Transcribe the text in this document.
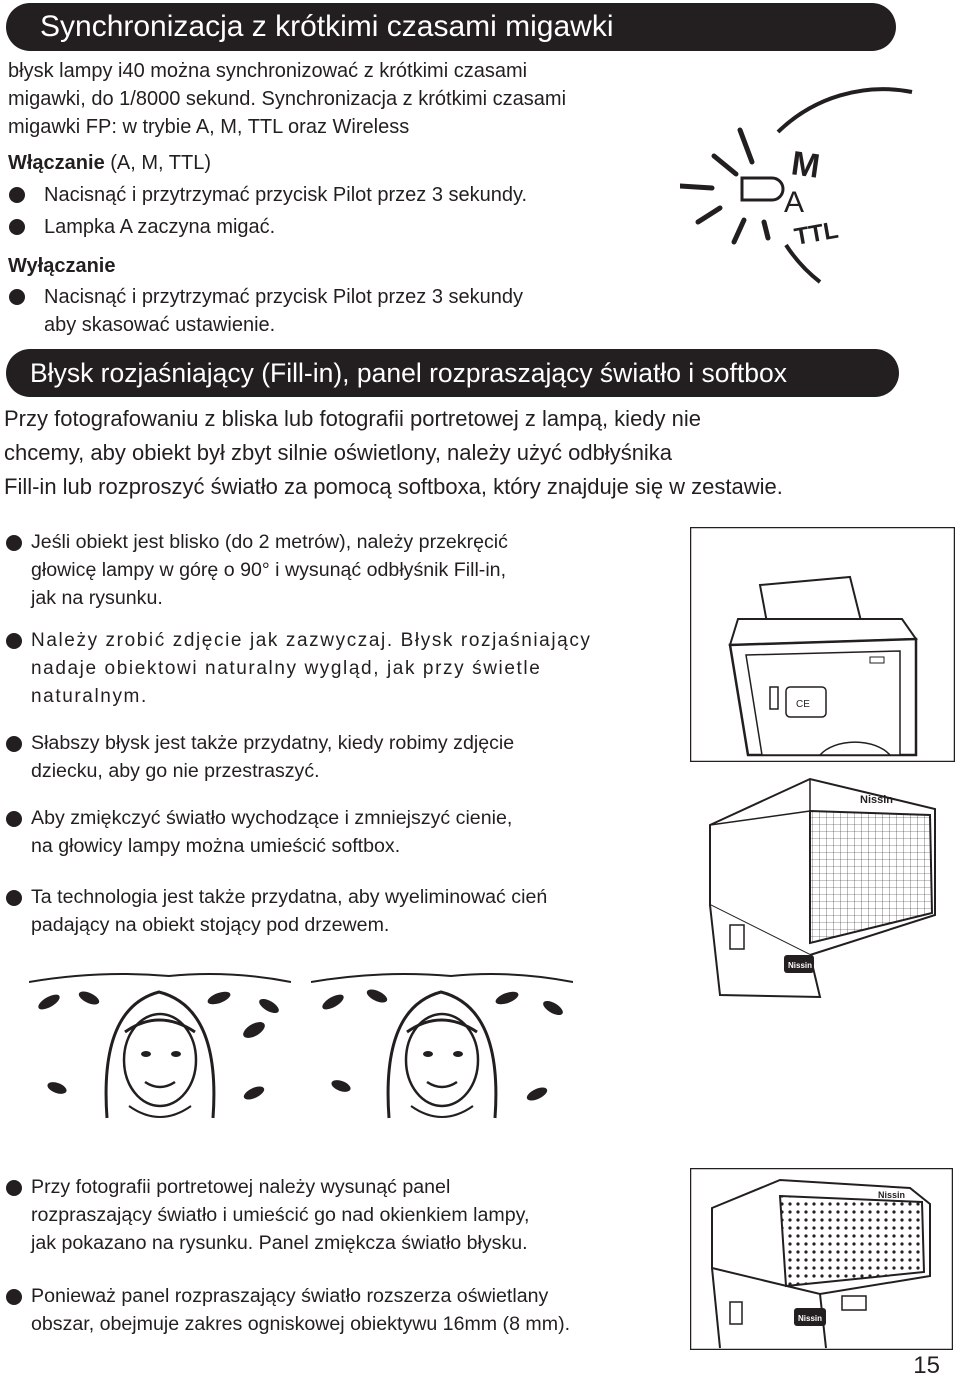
Synchronizacja z krótkimi czasami migawki
błysk lampy i40 można synchronizować z krótkimi czasami
migawki, do 1/8000 sekund. Synchronizacja z krótkimi czasami
migawki FP: w trybie A, M, TTL oraz Wireless
Włączanie (A, M, TTL)
Nacisnąć i przytrzymać przycisk Pilot przez 3 sekundy.
Lampka A zaczyna migać.
Wyłączanie
Nacisnąć i przytrzymać przycisk Pilot przez 3 sekundy
aby skasować ustawienie.
M
A
TTL
Błysk rozjaśniający (Fill-in), panel rozpraszający światło i softbox
Przy fotografowaniu z bliska lub fotografii portretowej z lampą, kiedy nie
chcemy, aby obiekt był zbyt silnie oświetlony, należy użyć odbłyśnika
Fill-in lub rozproszyć światło za pomocą softboxa, który znajduje się w zestawie.
Jeśli obiekt jest blisko (do 2 metrów), należy przekręcić
głowicę lampy w górę o 90° i wysunąć odbłyśnik Fill-in,
jak na rysunku.
Należy zrobić zdjęcie jak zazwyczaj. Błysk rozjaśniający
nadaje obiektowi naturalny wygląd, jak przy świetle
naturalnym.
Słabszy błysk jest także przydatny, kiedy robimy zdjęcie
dziecku, aby go nie przestraszyć.
Aby zmiękczyć światło wychodzące i zmniejszyć cienie,
na głowicy lampy można umieścić softbox.
Ta technologia jest także przydatna, aby wyeliminować cień
padający na obiekt stojący pod drzewem.
CE
Nissin
Nissin
Przy fotografii portretowej należy wysunąć panel
rozpraszający światło i umieścić go nad okienkiem lampy,
jak pokazano na rysunku. Panel zmiękcza światło błysku.
Ponieważ panel rozpraszający światło rozszerza oświetlany
obszar, obejmuje zakres ogniskowej obiektywu 16mm (8 mm).
Nissin
Nissin
15
